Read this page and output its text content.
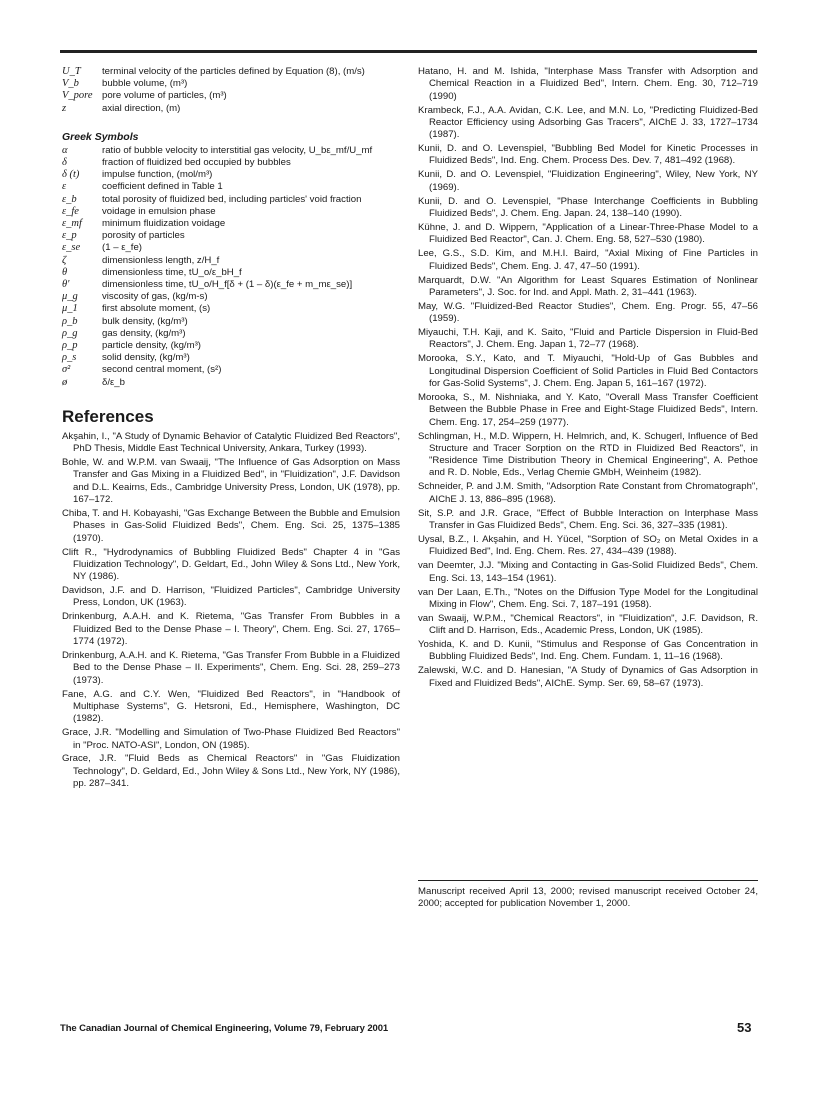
U_T	terminal velocity of the particles defined by Equation (8), (m/s)
V_b	bubble volume, (m³)
V_pore pore volume of particles, (m³)
z	axial direction, (m)
Greek Symbols
α	ratio of bubble velocity to interstitial gas velocity, U_bε_mf/U_mf
δ	fraction of fluidized bed occupied by bubbles
δ (t)	impulse function, (mol/m³)
ε	coefficient defined in Table 1
ε_b	total porosity of fluidized bed, including particles' void fraction
ε_fe	voidage in emulsion phase
ε_mf	minimum fluidization voidage
ε_p	porosity of particles
ε_se	(1 – ε_fe)
ζ	dimensionless length, z/H_f
θ	dimensionless time, tU_o/ε_bH_f
θ'	dimensionless time, tU_o/H_f[δ + (1 – δ)(ε_fe + m_mε_se)]
μ_g	viscosity of gas, (kg/m-s)
μ_1	first absolute moment, (s)
ρ_b	bulk density, (kg/m³)
ρ_g	gas density, (kg/m³)
ρ_p	particle density, (kg/m³)
ρ_s	solid density, (kg/m³)
σ²	second central moment, (s²)
ø	δ/ε_b
References
Akşahin, I., "A Study of Dynamic Behavior of Catalytic Fluidized Bed Reactors", PhD Thesis, Middle East Technical University, Ankara, Turkey (1993).
Bohle, W. and W.P.M. van Swaaij, "The Influence of Gas Adsorption on Mass Transfer and Gas Mixing in a Fluidized Bed", in "Fluidization", J.F. Davidson and D.L. Keairns, Eds., Cambridge University Press, London, UK (1978), pp. 167–172.
Chiba, T. and H. Kobayashi, "Gas Exchange Between the Bubble and Emulsion Phases in Gas-Solid Fluidized Beds", Chem. Eng. Sci. 25, 1375–1385 (1970).
Clift R., "Hydrodynamics of Bubbling Fluidized Beds" Chapter 4 in "Gas Fluidization Technology", D. Geldart, Ed., John Wiley & Sons Ltd., New York, NY (1986).
Davidson, J.F. and D. Harrison, "Fluidized Particles", Cambridge University Press, London, UK (1963).
Drinkenburg, A.A.H. and K. Rietema, "Gas Transfer From Bubbles in a Fluidized Bed to the Dense Phase – I. Theory", Chem. Eng. Sci. 27, 1765–1774 (1972).
Drinkenburg, A.A.H. and K. Rietema, "Gas Transfer From Bubble in a Fluidized Bed to the Dense Phase – II. Experiments", Chem. Eng. Sci. 28, 259–273 (1973).
Fane, A.G. and C.Y. Wen, "Fluidized Bed Reactors", in "Handbook of Multiphase Systems", G. Hetsroni, Ed., Hemisphere, Washington, DC (1982).
Grace, J.R. "Modelling and Simulation of Two-Phase Fluidized Bed Reactors" in "Proc. NATO-ASI", London, ON (1985).
Grace, J.R. "Fluid Beds as Chemical Reactors" in "Gas Fluidization Technology", D. Geldard, Ed., John Wiley & Sons Ltd., New York, NY (1986), pp. 287–341.
Hatano, H. and M. Ishida, "Interphase Mass Transfer with Adsorption and Chemical Reaction in a Fluidized Bed", Intern. Chem. Eng. 30, 712–719 (1990)
Krambeck, F.J., A.A. Avidan, C.K. Lee, and M.N. Lo, "Predicting Fluidized-Bed Reactor Efficiency using Adsorbing Gas Tracers", AIChE J. 33, 1727–1734 (1987).
Kunii, D. and O. Levenspiel, "Bubbling Bed Model for Kinetic Processes in Fluidized Beds", Ind. Eng. Chem. Process Des. Dev. 7, 481–492 (1968).
Kunii, D. and O. Levenspiel, "Fluidization Engineering", Wiley, New York, NY (1969).
Kunii, D. and O. Levenspiel, "Phase Interchange Coefficients in Bubbling Fluidized Beds", J. Chem. Eng. Japan. 24, 138–140 (1990).
Kühne, J. and D. Wippern, "Application of a Linear-Three-Phase Model to a Fluidized Bed Reactor", Can. J. Chem. Eng. 58, 527–530 (1980).
Lee, G.S., S.D. Kim, and M.H.I. Baird, "Axial Mixing of Fine Particles in Fluidized Beds", Chem. Eng. J. 47, 47–50 (1991).
Marquardt, D.W. "An Algorithm for Least Squares Estimation of Nonlinear Parameters", J. Soc. for Ind. and Appl. Math. 2, 31–441 (1963).
May, W.G. "Fluidized-Bed Reactor Studies", Chem. Eng. Progr. 55, 47–56 (1959).
Miyauchi, T.H. Kaji, and K. Saito, "Fluid and Particle Dispersion in Fluid-Bed Reactors", J. Chem. Eng. Japan 1, 72–77 (1968).
Morooka, S.Y., Kato, and T. Miyauchi, "Hold-Up of Gas Bubbles and Longitudinal Dispersion Coefficient of Solid Particles in Fluid Bed Contactors for Gas-Solid Systems", J. Chem. Eng. Japan 5, 161–167 (1972).
Morooka, S., M. Nishniaka, and Y. Kato, "Overall Mass Transfer Coefficient Between the Bubble Phase in Free and Eight-Stage Fluidized Beds", Intern. Chem. Eng. 17, 254–259 (1977).
Schlingman, H., M.D. Wippern, H. Helmrich, and, K. Schugerl, Influence of Bed Structure and Tracer Sorption on the RTD in Fluidized Bed Reactors", in "Residence Time Distribution Theory in Chemical Engineering", A. Pethoe and R. D. Noble, Eds., Verlag Chemie GMbH, Weinheim (1982).
Schneider, P. and J.M. Smith, "Adsorption Rate Constant from Chromatograph", AIChE J. 13, 886–895 (1968).
Sit, S.P. and J.R. Grace, "Effect of Bubble Interaction on Interphase Mass Transfer in Gas Fluidized Beds", Chem. Eng. Sci. 36, 327–335 (1981).
Uysal, B.Z., I. Akşahin, and H. Yücel, "Sorption of SO₂ on Metal Oxides in a Fluidized Bed", Ind. Eng. Chem. Res. 27, 434–439 (1988).
van Deemter, J.J. "Mixing and Contacting in Gas-Solid Fluidized Beds", Chem. Eng. Sci. 13, 143–154 (1961).
van Der Laan, E.Th., "Notes on the Diffusion Type Model for the Longitudinal Mixing in Flow", Chem. Eng. Sci. 7, 187–191 (1958).
van Swaaij, W.P.M., "Chemical Reactors", in "Fluidization", J.F. Davidson, R. Clift and D. Harrison, Eds., Academic Press, London, UK (1985).
Yoshida, K. and D. Kunii, "Stimulus and Response of Gas Concentration in Bubbling Fluidized Beds", Ind. Eng. Chem. Fundam. 1, 11–16 (1968).
Zalewski, W.C. and D. Hanesian, "A Study of Dynamics of Gas Adsorption in Fixed and Fluidized Beds", AIChE. Symp. Ser. 69, 58–67 (1973).
Manuscript received April 13, 2000; revised manuscript received October 24, 2000; accepted for publication November 1, 2000.
The Canadian Journal of Chemical Engineering, Volume 79, February 2001	53
